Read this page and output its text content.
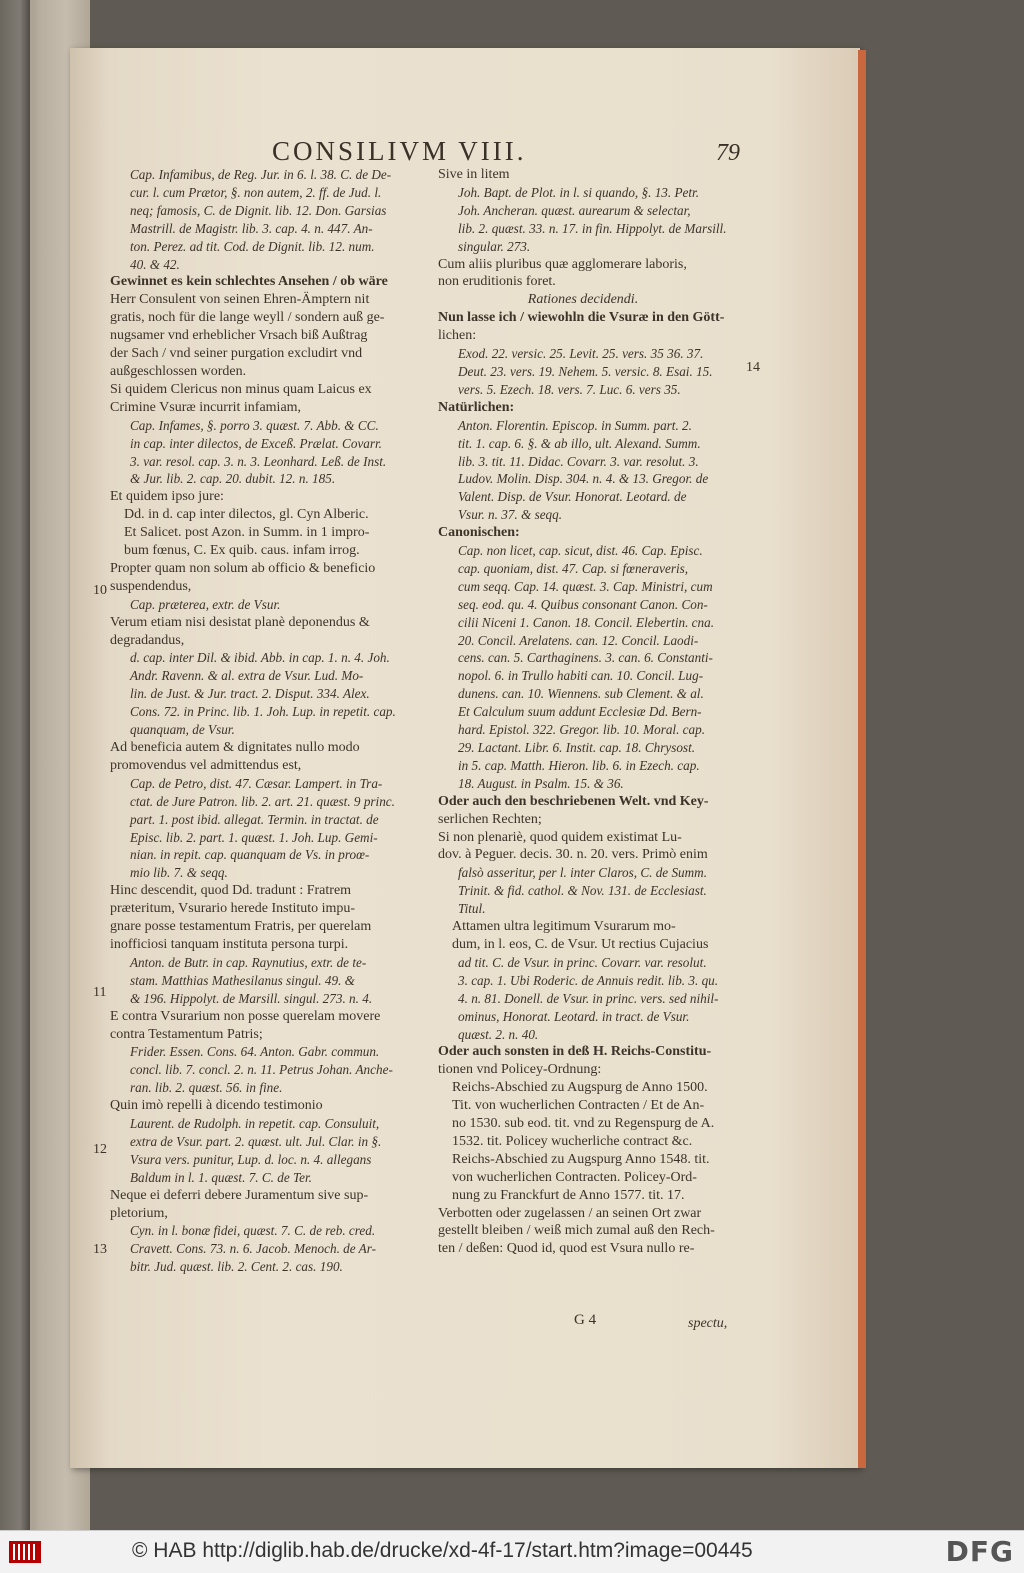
CONSILIVM VIII.	79
Cap. Infamibus, de Reg. Jur. in 6. l. 38. C. de De-
cur. l. cum Prætor, §. non autem, 2. ff. de Jud. l.
neq; famosis, C. de Dignit. lib. 12. Don. Garsias
Mastrill. de Magistr. lib. 3. cap. 4. n. 447. An-
ton. Perez. ad tit. Cod. de Dignit. lib. 12. num.
40. & 42.
Gewinnet es kein schlechtes Ansehen / ob wäre
Herr Consulent von seinen Ehren-Ämptern nit
gratis, noch für die lange weyll / sondern auß ge-
nugsamer vnd erheblicher Vrsach biß Außtrag
der Sach / vnd seiner purgation excludirt vnd
außgeschlossen worden.
Si quidem Clericus non minus quam Laicus ex
Crimine Vsuræ incurrit infamiam,
Cap. Infames, §. porro 3. quæst. 7. Abb. & CC.
in cap. inter dilectos, de Exceß. Prælat. Covarr.
3. var. resol. cap. 3. n. 3. Leonhard. Leß. de Inst.
& Jur. lib. 2. cap. 20. dubit. 12. n. 185.
Et quidem ipso jure:
Dd. in d. cap inter dilectos, gl. Cyn Alberic.
Et Salicet. post Azon. in Summ. in 1 impro-
bum fœnus, C. Ex quib. caus. infam irrog.
Propter quam non solum ab officio & beneficio
suspendendus,
Cap. præterea, extr. de Vsur.
Verum etiam nisi desistat planè deponendus &
degradandus,
d. cap. inter Dil. & ibid. Abb. in cap. 1. n. 4. Joh.
Andr. Ravenn. & al. extra de Vsur. Lud. Mo-
lin. de Just. & Jur. tract. 2. Disput. 334. Alex.
Cons. 72. in Princ. lib. 1. Joh. Lup. in repetit. cap.
quanquam, de Vsur.
Ad beneficia autem & dignitates nullo modo
promovendus vel admittendus est,
Cap. de Petro, dist. 47. Cæsar. Lampert. in Tra-
ctat. de Jure Patron. lib. 2. art. 21. quæst. 9 princ.
part. 1. post ibid. allegat. Termin. in tractat. de
Episc. lib. 2. part. 1. quæst. 1. Joh. Lup. Gemi-
nian. in repit. cap. quanquam de Vs. in proœ-
mio lib. 7. & seqq.
Hinc descendit, quod Dd. tradunt : Fratrem
præteritum, Vsurario herede Instituto impu-
gnare posse testamentum Fratris, per querelam
inofficiosi tanquam instituta persona turpi.
Anton. de Butr. in cap. Raynutius, extr. de te-
stam. Matthias Mathesilanus singul. 49. &
& 196. Hippolyt. de Marsill. singul. 273. n. 4.
E contra Vsurarium non posse querelam movere
contra Testamentum Patris;
Frider. Essen. Cons. 64. Anton. Gabr. commun.
concl. lib. 7. concl. 2. n. 11. Petrus Johan. Anche-
ran. lib. 2. quæst. 56. in fine.
Quin imò repelli à dicendo testimonio
Laurent. de Rudolph. in repetit. cap. Consuluit,
extra de Vsur. part. 2. quæst. ult. Jul. Clar. in §.
Vsura vers. punitur, Lup. d. loc. n. 4. allegans
Baldum in l. 1. quæst. 7. C. de Ter.
Neque ei deferri debere Juramentum sive sup-
pletorium,
Cyn. in l. bonæ fidei, quæst. 7. C. de reb. cred.
Cravett. Cons. 73. n. 6. Jacob. Menoch. de Ar-
bitr. Jud. quæst. lib. 2. Cent. 2. cas. 190.
Sive in litem
Joh. Bapt. de Plot. in l. si quando, §. 13. Petr.
Joh. Ancheran. quæst. aurearum & selectar,
lib. 2. quæst. 33. n. 17. in fin. Hippolyt. de Marsill.
singular. 273.
Cum aliis pluribus quæ agglomerare laboris,
non eruditionis foret.
Rationes decidendi.
Nun lasse ich / wiewohln die Vsuræ in den Gött-
lichen:
Exod. 22. versic. 25. Levit. 25. vers. 35 36. 37.
Deut. 23. vers. 19. Nehem. 5. versic. 8. Esai. 15.
vers. 5. Ezech. 18. vers. 7. Luc. 6. vers 35.
Natürlichen:
Anton. Florentin. Episcop. in Summ. part. 2.
tit. 1. cap. 6. §. & ab illo, ult. Alexand. Summ.
lib. 3. tit. 11. Didac. Covarr. 3. var. resolut. 3.
Ludov. Molin. Disp. 304. n. 4. & 13. Gregor. de
Valent. Disp. de Vsur. Honorat. Leotard. de
Vsur. n. 37. & seqq.
Canonischen:
Cap. non licet, cap. sicut, dist. 46. Cap. Episc.
cap. quoniam, dist. 47. Cap. si fœneraveris,
cum seqq. Cap. 14. quæst. 3. Cap. Ministri, cum
seq. eod. qu. 4. Quibus consonant Canon. Con-
cilii Niceni 1. Canon. 18. Concil. Elebertin. cna.
20. Concil. Arelatens. can. 12. Concil. Laodi-
cens. can. 5. Carthaginens. 3. can. 6. Constanti-
nopol. 6. in Trullo habiti can. 10. Concil. Lug-
dunens. can. 10. Wiennens. sub Clement. & al.
Et Calculum suum addunt Ecclesiæ Dd. Bern-
hard. Epistol. 322. Gregor. lib. 10. Moral. cap.
29. Lactant. Libr. 6. Instit. cap. 18. Chrysost.
in 5. cap. Matth. Hieron. lib. 6. in Ezech. cap.
18. August. in Psalm. 15. & 36.
Oder auch den beschriebenen Welt. vnd Key-
serlichen Rechten;
Si non plenariè, quod quidem existimat Lu-
dov. à Peguer. decis. 30. n. 20. vers. Primò enim
falsò asseritur, per l. inter Claros, C. de Summ.
Trinit. & fid. cathol. & Nov. 131. de Ecclesiast.
Titul.
Attamen ultra legitimum Vsurarum mo-
dum, in l. eos, C. de Vsur. Ut rectius Cujacius
ad tit. C. de Vsur. in princ. Covarr. var. resolut.
3. cap. 1. Ubi Roderic. de Annuis redit. lib. 3. qu.
4. n. 81. Donell. de Vsur. in princ. vers. sed nihil-
ominus, Honorat. Leotard. in tract. de Vsur.
quæst. 2. n. 40.
Oder auch sonsten in deß H. Reichs-Constitu-
tionen vnd Policey-Ordnung:
Reichs-Abschied zu Augspurg de Anno 1500.
Tit. von wucherlichen Contracten / Et de An-
no 1530. sub eod. tit. vnd zu Regenspurg de A.
1532. tit. Policey wucherliche contract &c.
Reichs-Abschied zu Augspurg Anno 1548. tit.
von wucherlichen Contracten. Policey-Ord-
nung zu Franckfurt de Anno 1577. tit. 17.
Verbotten oder zugelassen / an seinen Ort zwar
gestellt bleiben / weiß mich zumal auß den Rech-
ten / deßen: Quod id, quod est Vsura nullo re-
10
11
12
13
14
G 4	spectu,
© HAB http://diglib.hab.de/drucke/xd-4f-17/start.htm?image=00445	DFG
